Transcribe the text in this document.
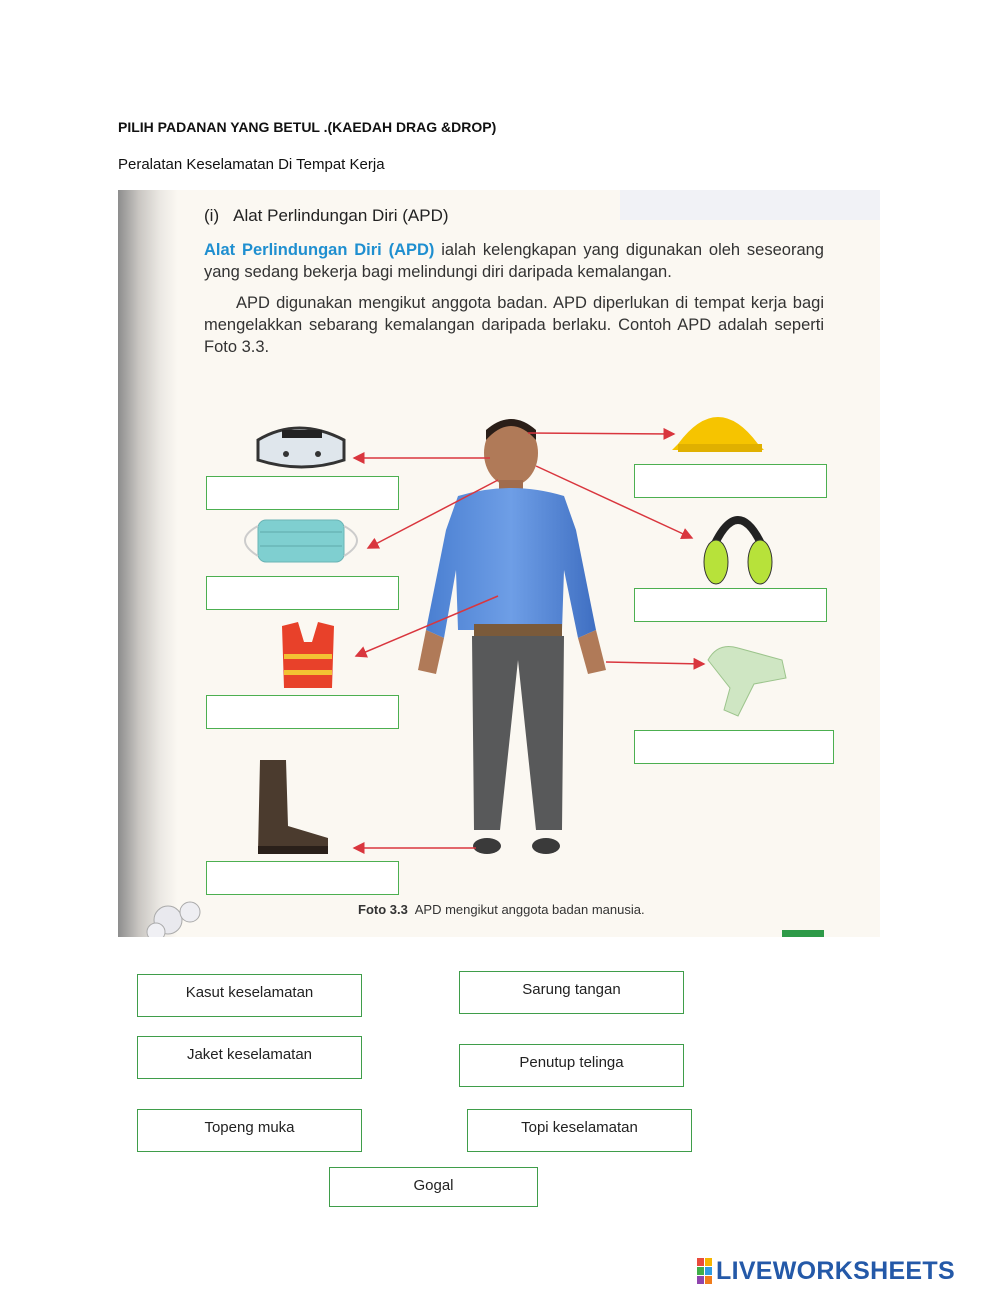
PILIH PADANAN YANG BETUL .(KAEDAH DRAG &DROP)
Peralatan Keselamatan Di Tempat Kerja
(i) Alat Perlindungan Diri (APD)
Alat Perlindungan Diri (APD) ialah kelengkapan yang digunakan oleh seseorang yang sedang bekerja bagi melindungi diri daripada kemalangan.
APD digunakan mengikut anggota badan. APD diperlukan di tempat kerja bagi mengelakkan sebarang kemalangan daripada berlaku. Contoh APD adalah seperti Foto 3.3.
Foto 3.3 APD mengikut anggota badan manusia.
Kasut keselamatan	Sarung tangan
Jaket keselamatan	Penutup telinga
Topeng muka	Topi keselamatan
Gogal
LIVEWORKSHEETS
